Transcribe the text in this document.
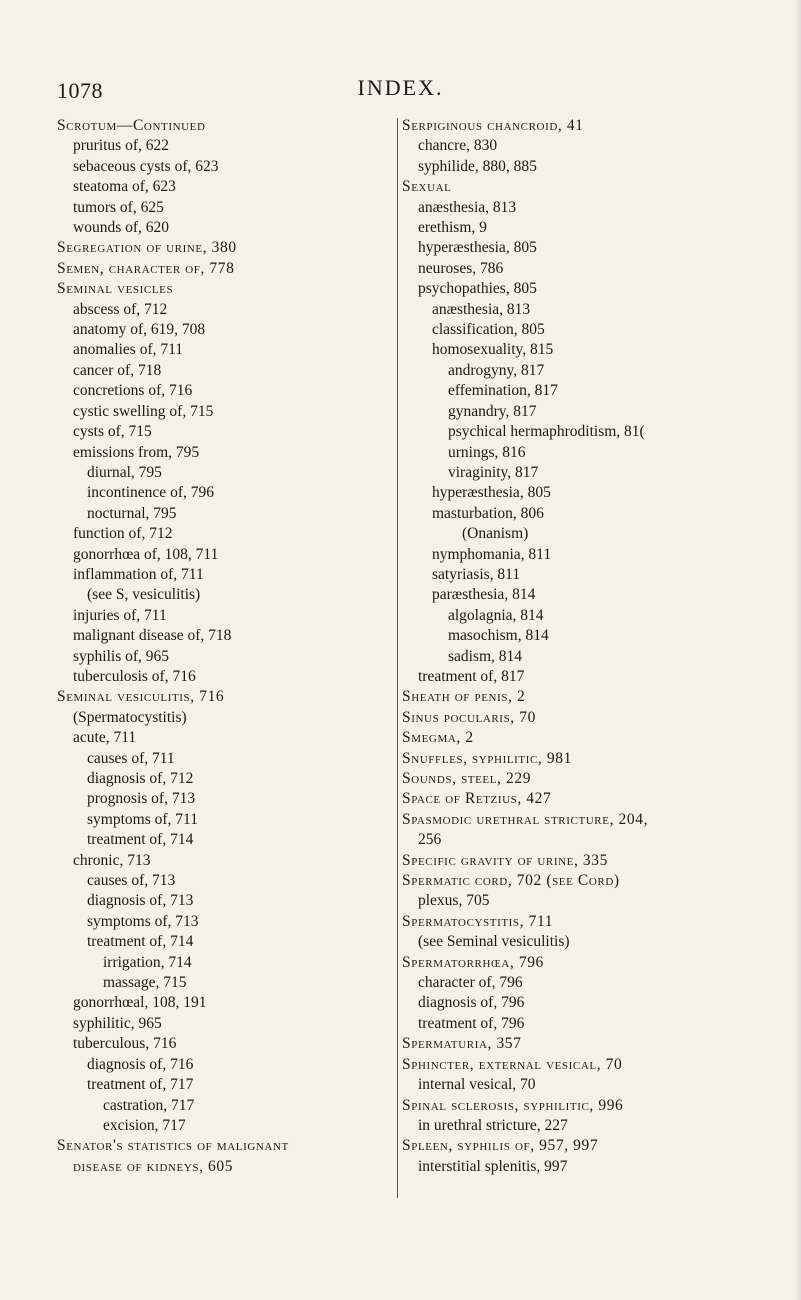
1078	INDEX.
Scrotum—Continued
pruritus of, 622
sebaceous cysts of, 623
steatoma of, 623
tumors of, 625
wounds of, 620
Segregation of urine, 380
Semen, character of, 778
Seminal vesicles
abscess of, 712
anatomy of, 619, 708
anomalies of, 711
cancer of, 718
concretions of, 716
cystic swelling of, 715
cysts of, 715
emissions from, 795
diurnal, 795
incontinence of, 796
nocturnal, 795
function of, 712
gonorrhœa of, 108, 711
inflammation of, 711
(see S, vesiculitis)
injuries of, 711
malignant disease of, 718
syphilis of, 965
tuberculosis of, 716
Seminal vesiculitis, 716
(Spermatocystitis)
acute, 711
causes of, 711
diagnosis of, 712
prognosis of, 713
symptoms of, 711
treatment of, 714
chronic, 713
causes of, 713
diagnosis of, 713
symptoms of, 713
treatment of, 714
irrigation, 714
massage, 715
gonorrhœal, 108, 191
syphilitic, 965
tuberculous, 716
diagnosis of, 716
treatment of, 717
castration, 717
excision, 717
Senator's statistics of malignant
disease of kidneys, 605
Serpiginous chancroid, 41
chancre, 830
syphilide, 880, 885
Sexual
anæsthesia, 813
erethism, 9
hyperæsthesia, 805
neuroses, 786
psychopathies, 805
anæsthesia, 813
classification, 805
homosexuality, 815
androgyny, 817
effemination, 817
gynandry, 817
psychical hermaphroditism, 81(
urnings, 816
viraginity, 817
hyperæsthesia, 805
masturbation, 806
(Onanism)
nymphomania, 811
satyriasis, 811
paræsthesia, 814
algolagnia, 814
masochism, 814
sadism, 814
treatment of, 817
Sheath of penis, 2
Sinus pocularis, 70
Smegma, 2
Snuffles, syphilitic, 981
Sounds, steel, 229
Space of Retzius, 427
Spasmodic urethral stricture, 204,
256
Specific gravity of urine, 335
Spermatic cord, 702 (see Cord)
plexus, 705
Spermatocystitis, 711
(see Seminal vesiculitis)
Spermatorrhœa, 796
character of, 796
diagnosis of, 796
treatment of, 796
Spermaturia, 357
Sphincter, external vesical, 70
internal vesical, 70
Spinal sclerosis, syphilitic, 996
in urethral stricture, 227
Spleen, syphilis of, 957, 997
interstitial splenitis, 997
